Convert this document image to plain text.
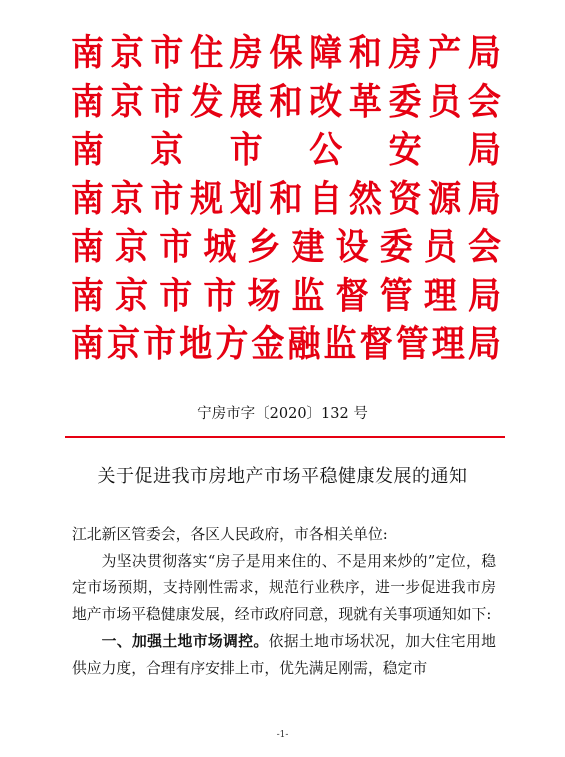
南 京 市 住 房 保 障 和 房 产 局
南 京 市 发 展 和 改 革 委 员 会
南 京 市 公 安 局
南 京 市 规 划 和 自 然 资 源 局
南 京 市 城 乡 建 设 委 员 会
南 京 市 市 场 监 督 管 理 局
南 京 市 地 方 金 融 监 督 管 理 局
宁房市字〔2020〕132 号
关于促进我市房地产市场平稳健康发展的通知

江北新区管委会，各区人民政府，市各相关单位:

为坚决贯彻落实“房子是用来住的、不是用来炒的”定位，稳定市场预期，支持刚性需求，规范行业秩序，进一步促进我市房地产市场平稳健康发展，经市政府同意，现就有关事项通知如下:

一、加强土地市场调控。依据土地市场状况，加大住宅用地供应力度，合理有序安排上市，优先满足刚需，稳定市

-1-
